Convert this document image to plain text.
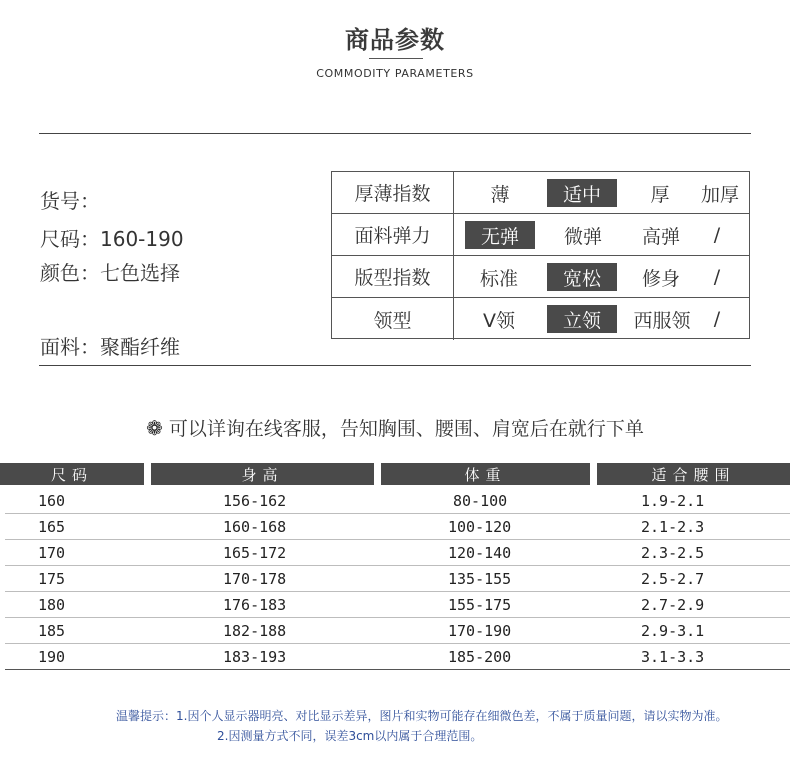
商品参数
COMMODITY PARAMETERS
货号：
尺码：160-190
颜色：七色选择
面料：聚酯纤维
厚薄指数	薄	适中	厚	加厚
面料弹力	无弹	微弹	高弹	/
版型指数	标准	宽松	修身	/
领型	V领	立领	西服领	/
❁ 可以详询在线客服，告知胸围、腰围、肩宽后在就行下单
尺码	身高	体重	适合腰围
160	156-162	80-100	1.9-2.1
165	160-168	100-120	2.1-2.3
170	165-172	120-140	2.3-2.5
175	170-178	135-155	2.5-2.7
180	176-183	155-175	2.7-2.9
185	182-188	170-190	2.9-3.1
190	183-193	185-200	3.1-3.3
温馨提示：1.因个人显示器明亮、对比显示差异，图片和实物可能存在细微色差，不属于质量问题，请以实物为准。
2.因测量方式不同，误差3cm以内属于合理范围。
